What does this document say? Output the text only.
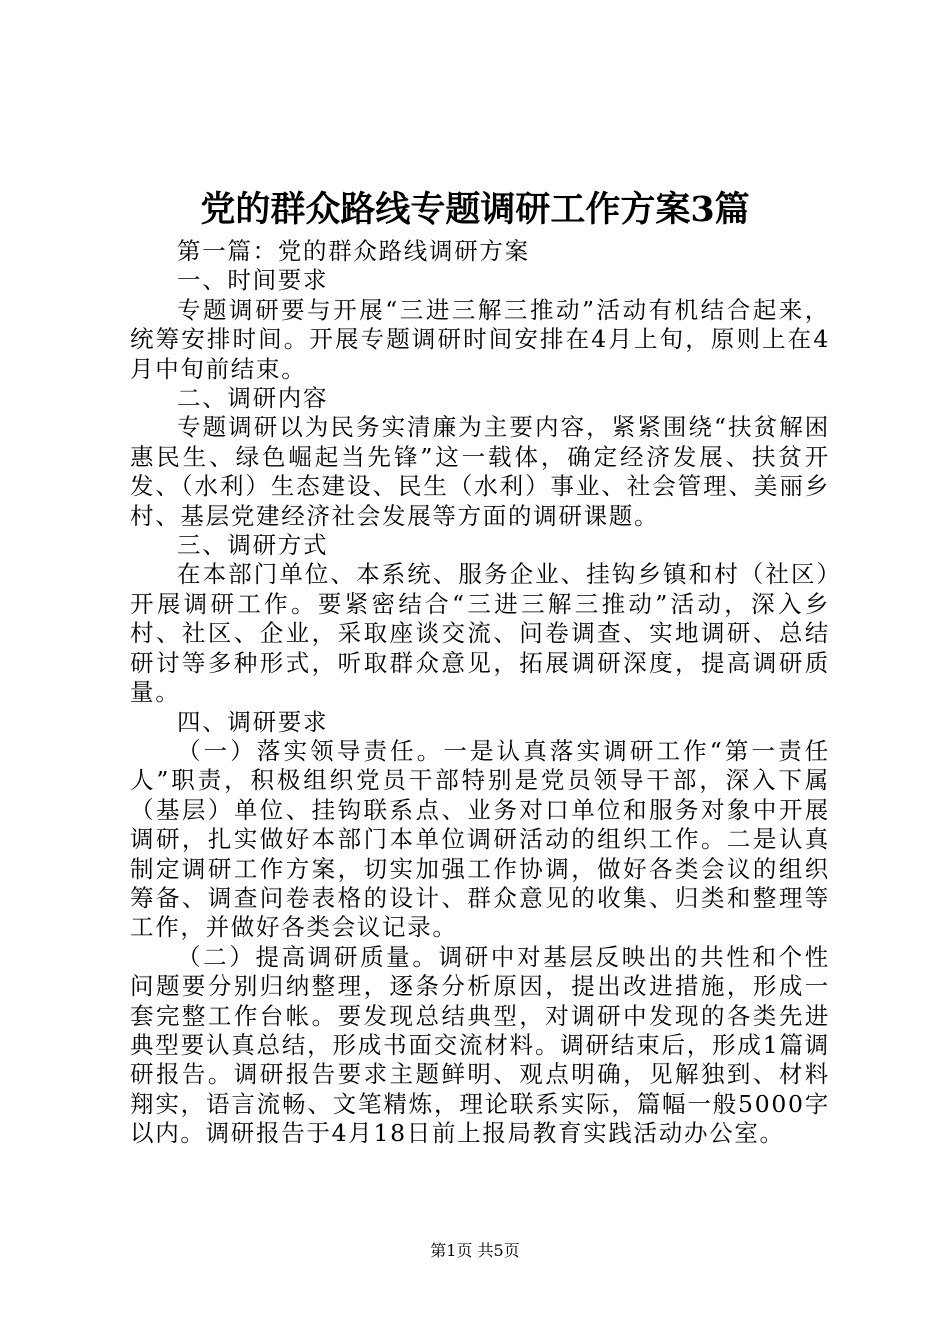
党的群众路线专题调研工作方案3篇

第一篇：党的群众路线调研方案

一、时间要求

专题调研要与开展“三进三解三推动”活动有机结合起来，统筹安排时间。开展专题调研时间安排在4月上旬，原则上在4月中旬前结束。

二、调研内容

专题调研以为民务实清廉为主要内容，紧紧围绕“扶贫解困惠民生、绿色崛起当先锋”这一载体，确定经济发展、扶贫开发、（水利）生态建设、民生（水利）事业、社会管理、美丽乡村、基层党建经济社会发展等方面的调研课题。

三、调研方式

在本部门单位、本系统、服务企业、挂钩乡镇和村（社区）开展调研工作。要紧密结合“三进三解三推动”活动，深入乡村、社区、企业，采取座谈交流、问卷调查、实地调研、总结研讨等多种形式，听取群众意见，拓展调研深度，提高调研质量。

四、调研要求

（一）落实领导责任。一是认真落实调研工作“第一责任人”职责，积极组织党员干部特别是党员领导干部，深入下属（基层）单位、挂钩联系点、业务对口单位和服务对象中开展调研，扎实做好本部门本单位调研活动的组织工作。二是认真制定调研工作方案，切实加强工作协调，做好各类会议的组织筹备、调查问卷表格的设计、群众意见的收集、归类和整理等工作，并做好各类会议记录。

（二）提高调研质量。调研中对基层反映出的共性和个性问题要分别归纳整理，逐条分析原因，提出改进措施，形成一套完整工作台帐。要发现总结典型，对调研中发现的各类先进典型要认真总结，形成书面交流材料。调研结束后，形成1篇调研报告。调研报告要求主题鲜明、观点明确，见解独到、材料翔实，语言流畅、文笔精炼，理论联系实际，篇幅一般5000字以内。调研报告于4月18日前上报局教育实践活动办公室。

第1页 共5页
